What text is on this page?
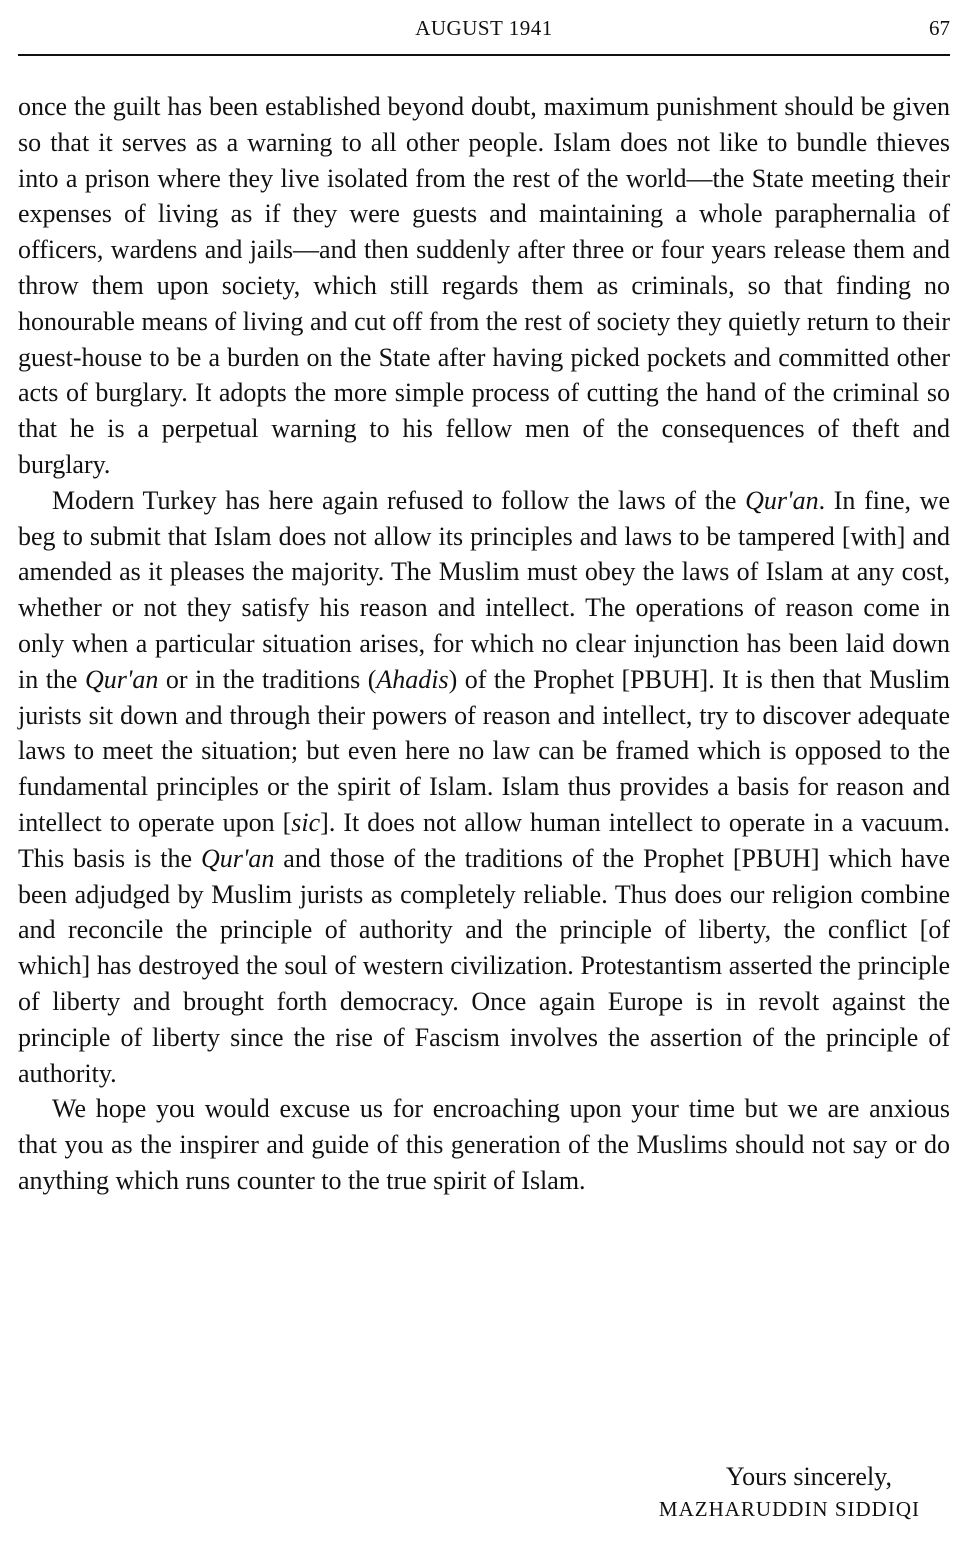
AUGUST 1941	67

once the guilt has been established beyond doubt, maximum punishment should be given so that it serves as a warning to all other people. Islam does not like to bundle thieves into a prison where they live isolated from the rest of the world—the State meeting their expenses of living as if they were guests and maintaining a whole paraphernalia of officers, wardens and jails—and then suddenly after three or four years release them and throw them upon society, which still regards them as criminals, so that finding no honourable means of living and cut off from the rest of society they quietly return to their guest-house to be a burden on the State after having picked pockets and committed other acts of burglary. It adopts the more simple process of cutting the hand of the criminal so that he is a perpetual warning to his fellow men of the consequences of theft and burglary.

Modern Turkey has here again refused to follow the laws of the Qur'an. In fine, we beg to submit that Islam does not allow its principles and laws to be tampered [with] and amended as it pleases the majority. The Muslim must obey the laws of Islam at any cost, whether or not they satisfy his reason and intellect. The operations of reason come in only when a particular situation arises, for which no clear injunction has been laid down in the Qur'an or in the traditions (Ahadis) of the Prophet [PBUH]. It is then that Muslim jurists sit down and through their powers of reason and intellect, try to discover adequate laws to meet the situation; but even here no law can be framed which is opposed to the fundamental principles or the spirit of Islam. Islam thus provides a basis for reason and intellect to operate upon [sic]. It does not allow human intellect to operate in a vacuum. This basis is the Qur'an and those of the traditions of the Prophet [PBUH] which have been adjudged by Muslim jurists as completely reliable. Thus does our religion combine and reconcile the principle of authority and the principle of liberty, the conflict [of which] has destroyed the soul of western civilization. Protestantism asserted the principle of liberty and brought forth democracy. Once again Europe is in revolt against the principle of liberty since the rise of Fascism involves the assertion of the principle of authority.

We hope you would excuse us for encroaching upon your time but we are anxious that you as the inspirer and guide of this generation of the Muslims should not say or do anything which runs counter to the true spirit of Islam.

Yours sincerely,
MAZHARUDDIN SIDDIQI
